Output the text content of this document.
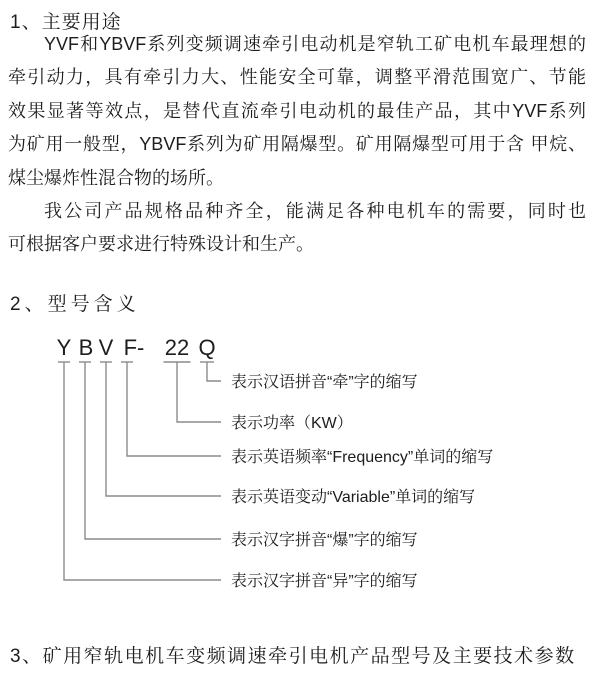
1、主要用途
YVF和YBVF系列变频调速牵引电动机是窄轨工矿电机车最理想的
牵引动力，具有牵引力大、性能安全可靠，调整平滑范围宽广、节能
效果显著等效点，是替代直流牵引电动机的最佳产品，其中YVF系列
为矿用一般型，YBVF系列为矿用隔爆型。矿用隔爆型可用于含 甲烷、
煤尘爆炸性混合物的场所。
我公司产品规格品种齐全，能满足各种电机车的需要，同时也
可根据客户要求进行特殊设计和生产。
2、型号含义
Y
表示汉字拼音“异”字的缩写
B
表示汉字拼音“爆”字的缩写
V
表示英语变动“Variable”单词的缩写
F-
表示英语频率“Frequency”单词的缩写
22
表示功率（KW）
Q
表示汉语拼音“牵”字的缩写
3、矿用窄轨电机车变频调速牵引电机产品型号及主要技术参数
